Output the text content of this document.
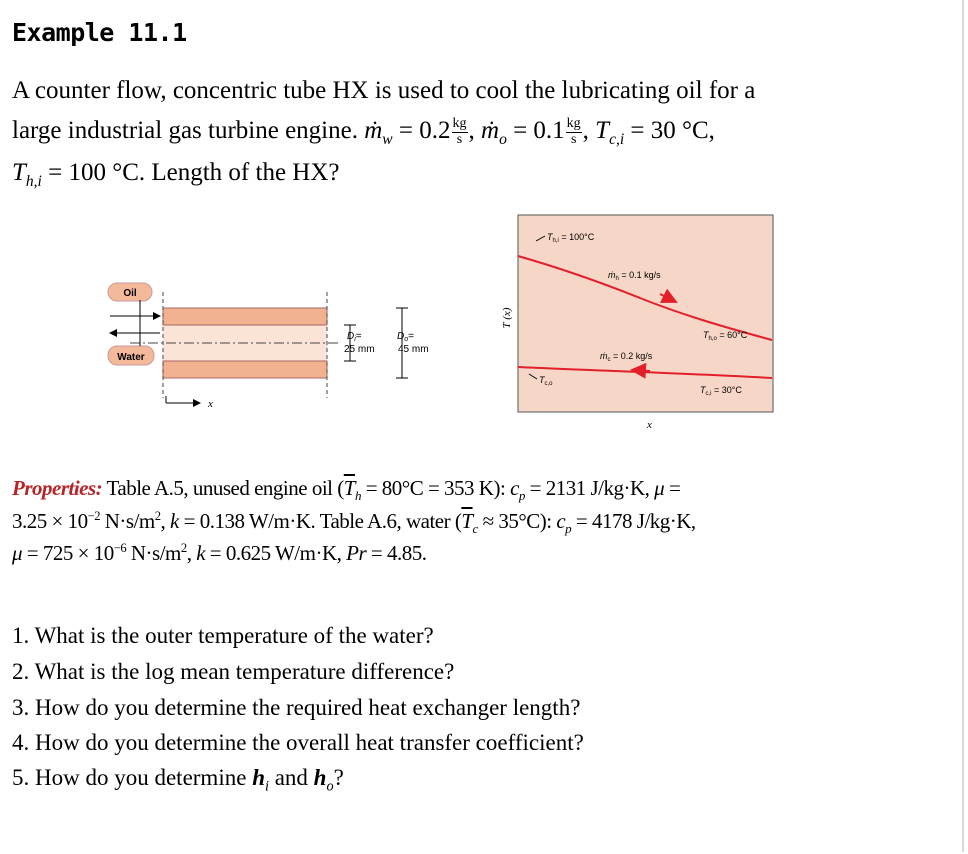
Example 11.1
A counter flow, concentric tube HX is used to cool the lubricating oil for a
large industrial gas turbine engine. ṁ$_w$ = $0.2 \frac{kg}{s}$ , ṁ$_o$ = $0.1 \frac{kg}{s}$ , $T_{c,i} = 30$ °C,
$T_{h,i} = 100$ °C. Length of the HX?
Oil
Water
x
$D_i=$
25 mm
$D_o=$
45 mm
T (x)
x
$T_{h,i} = 100^\circ C$
ṁ$_h$ = 0.1 kg/s
$T_{h,o} = 60^\circ C$
ṁ$_c$ = 0.2 kg/s
$T_{c,o}$
$T_{c,i} = 30^\circ C$
Properties: Table A.5, unused engine oil ($\overline{T}_h = 80^\circ C = 353$ K): $c_p = 2131$ J/kg·K, μ =
$3.25 \times 10^{-2}$ $N\cdot s/m^2$, k = 0.138 W/m·K. Table A.6, water $(\overline{T}_c \approx 35^\circ C)$: $c_p = 4178$ J/kg·K,
$\mu = 725 \times 10^{-6}$ $N\cdot s/m^2$, k = 0.625 W/m·K, Pr = 4.85.
1. What is the outer temperature of the water?
2. What is the log mean temperature difference?
3. How do you determine the required heat exchanger length?
4. How do you determine the overall heat transfer coefficient?
5. How do you determine $h_i$ and $h_o$?
